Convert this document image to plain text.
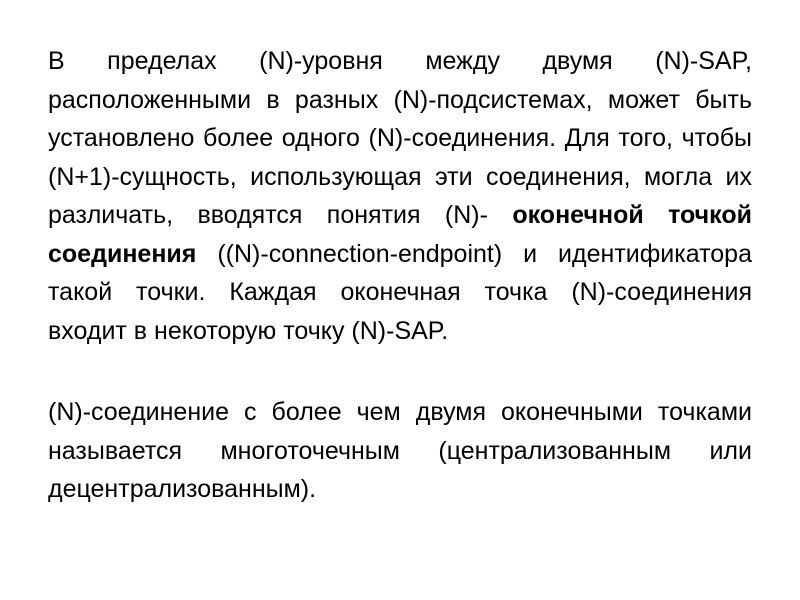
В пределах (N)-уровня между двумя (N)-SAP, расположенными в разных (N)-подсистемах, может быть установлено более одного (N)-соединения. Для того, чтобы (N+1)-сущность, использующая эти соединения, могла их различать, вводятся понятия (N)- оконечной точкой соединения ((N)-connection-endpoint) и идентификатора такой точки. Каждая оконечная точка (N)-соединения входит в некоторую точку (N)-SAP.

(N)-соединение с более чем двумя оконечными точками называется многоточечным (централизованным или децентрализованным).
